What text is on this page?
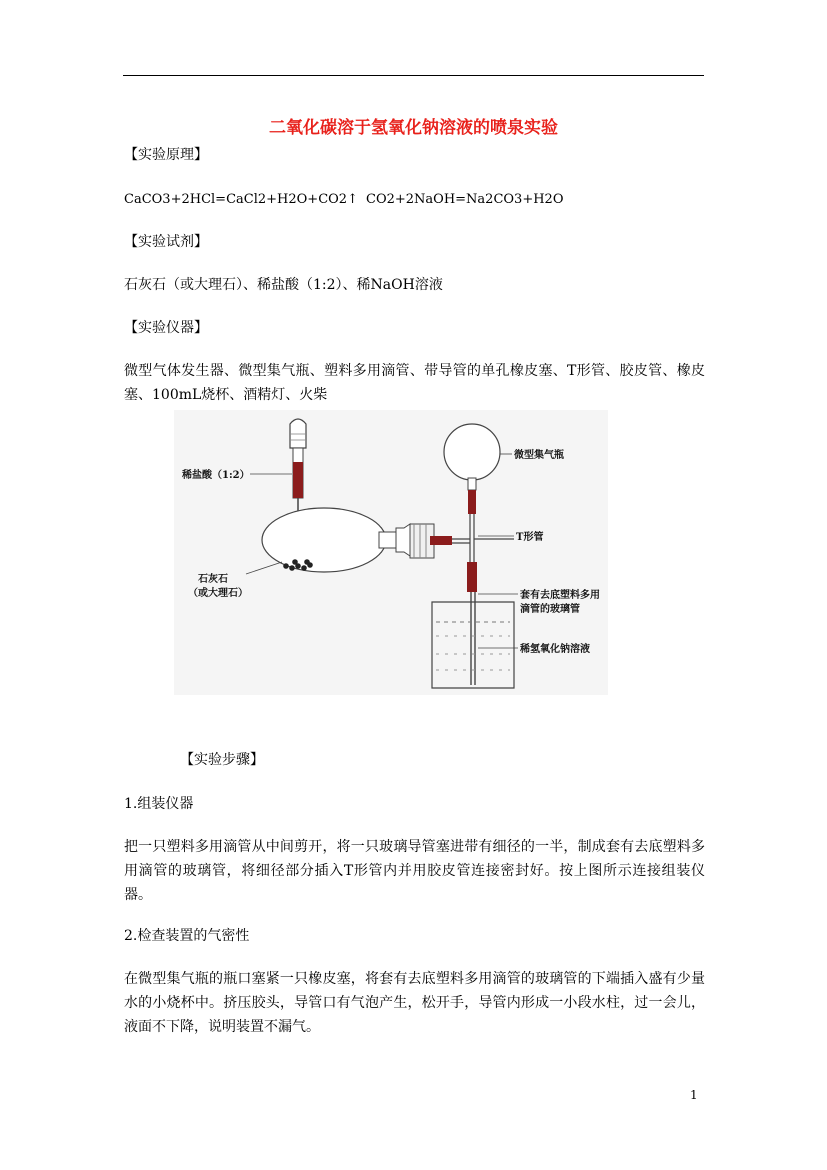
二氧化碳溶于氢氧化钠溶液的喷泉实验
【实验原理】
CaCO3+2HCl=CaCl2+H2O+CO2↑ CO2+2NaOH=Na2CO3+H2O
【实验试剂】
石灰石（或大理石）、稀盐酸（1:2）、稀NaOH溶液
【实验仪器】
微型气体发生器、微型集气瓶、塑料多用滴管、带导管的单孔橡皮塞、T形管、胶皮管、橡皮塞、100mL烧杯、酒精灯、火柴
稀盐酸（1:2）
石灰石
（或大理石）
微型集气瓶
T形管
套有去底塑料多用
滴管的玻璃管
稀氢氧化钠溶液
【实验步骤】
1.组装仪器
把一只塑料多用滴管从中间剪开，将一只玻璃导管塞进带有细径的一半，制成套有去底塑料多用滴管的玻璃管，将细径部分插入T形管内并用胶皮管连接密封好。按上图所示连接组装仪器。
2.检查装置的气密性
在微型集气瓶的瓶口塞紧一只橡皮塞，将套有去底塑料多用滴管的玻璃管的下端插入盛有少量水的小烧杯中。挤压胶头，导管口有气泡产生，松开手，导管内形成一小段水柱，过一会儿，液面不下降，说明装置不漏气。
1
